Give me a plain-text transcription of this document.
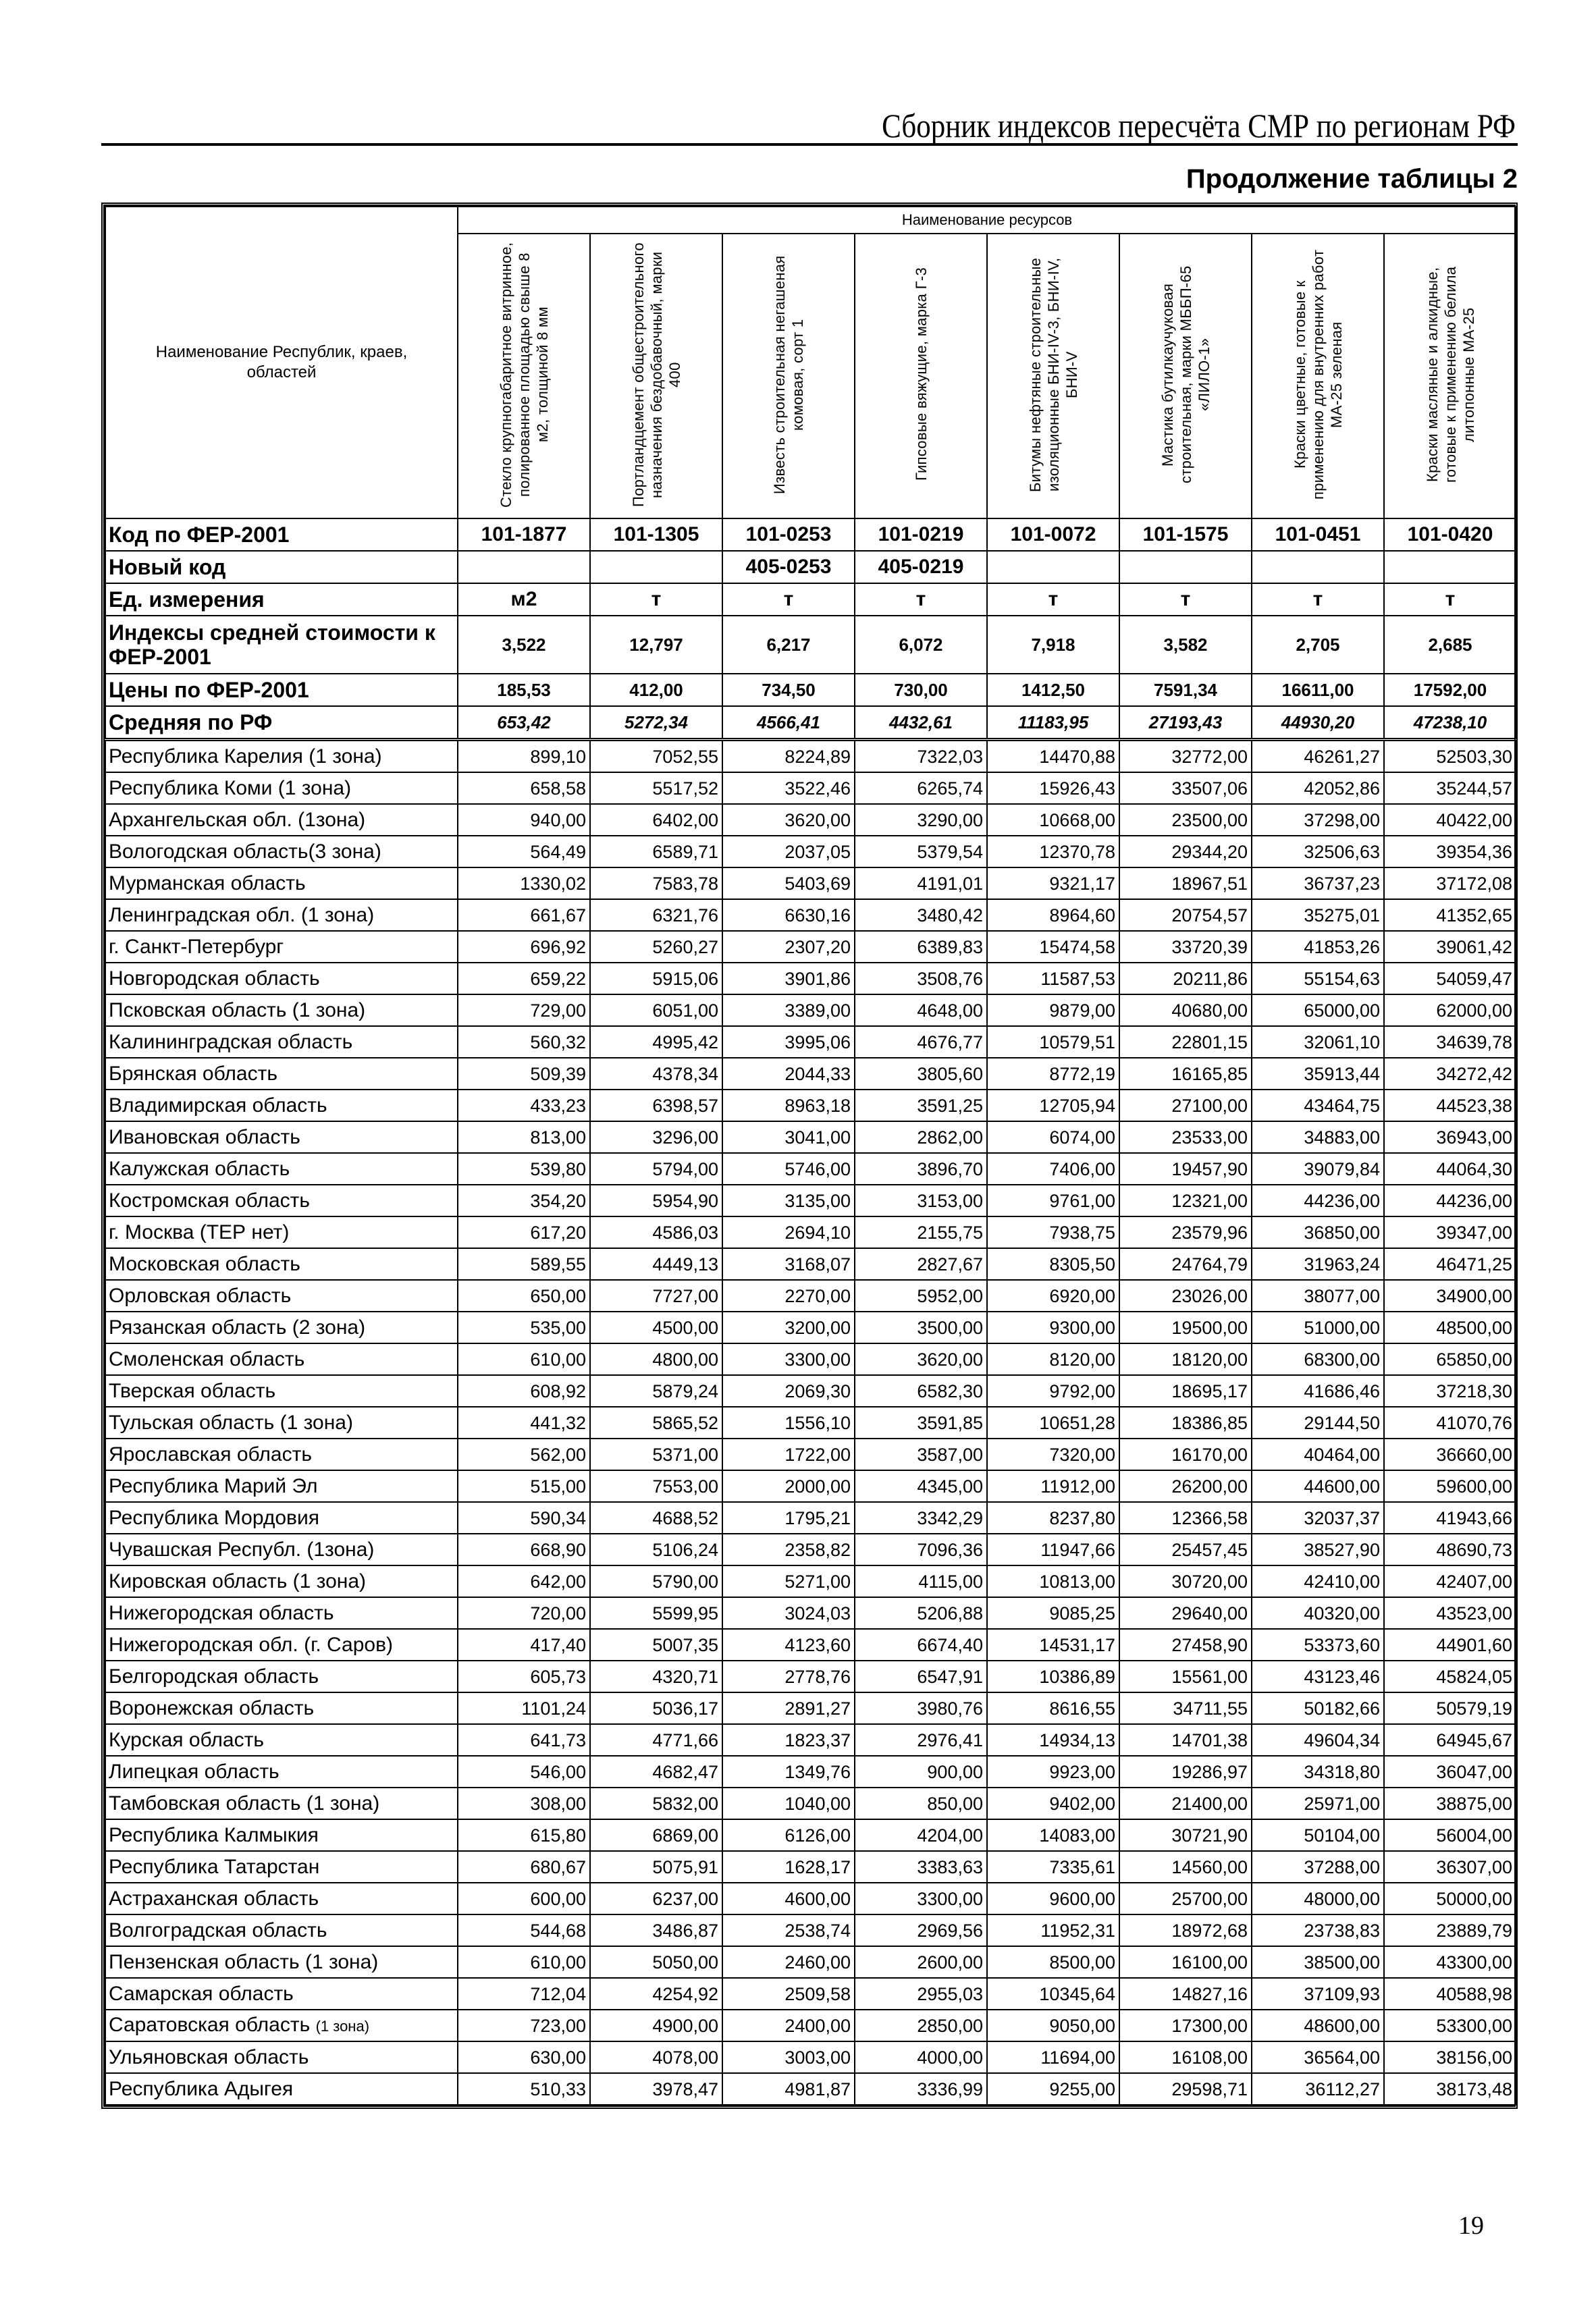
Сборник индексов пересчёта СМР по регионам РФ
Продолжение таблицы 2
Наименование Республик, краев, областей	Наименование ресурсов							
	Стекло крупногабаритное витринное, полированное площадью свыше 8 м2, толщиной 8 мм	Портландцемент общестроительного назначения бездобавочный, марки 400	Известь строительная негашеная комовая, сорт 1	Гипсовые вяжущие, марка Г-3	Битумы нефтяные строительные изоляционные БНИ-IV-3, БНИ-IV, БНИ-V	Мастика бутилкаучуковая строительная, марки МББП-65 «ЛИЛО-1»	Краски цветные, готовые к применению для внутренних работ МА-25 зеленая	Краски масляные и алкидные, готовые к применению белила литопонные МА-25
Код по ФЕР-2001	101-1877	101-1305	101-0253	101-0219	101-0072	101-1575	101-0451	101-0420
Новый код			405-0253	405-0219				
Ед. измерения	м2	т	т	т	т	т	т	т
Индексы средней стоимости к ФЕР-2001	3,522	12,797	6,217	6,072	7,918	3,582	2,705	2,685
Цены по ФЕР-2001	185,53	412,00	734,50	730,00	1412,50	7591,34	16611,00	17592,00
Средняя по РФ	653,42	5272,34	4566,41	4432,61	11183,95	27193,43	44930,20	47238,10
Республика Карелия (1 зона)	899,10	7052,55	8224,89	7322,03	14470,88	32772,00	46261,27	52503,30
Республика Коми (1 зона)	658,58	5517,52	3522,46	6265,74	15926,43	33507,06	42052,86	35244,57
Архангельская обл. (1зона)	940,00	6402,00	3620,00	3290,00	10668,00	23500,00	37298,00	40422,00
Вологодская область(3 зона)	564,49	6589,71	2037,05	5379,54	12370,78	29344,20	32506,63	39354,36
Мурманская область	1330,02	7583,78	5403,69	4191,01	9321,17	18967,51	36737,23	37172,08
Ленинградская обл. (1 зона)	661,67	6321,76	6630,16	3480,42	8964,60	20754,57	35275,01	41352,65
г. Санкт-Петербург	696,92	5260,27	2307,20	6389,83	15474,58	33720,39	41853,26	39061,42
Новгородская область	659,22	5915,06	3901,86	3508,76	11587,53	20211,86	55154,63	54059,47
Псковская область (1 зона)	729,00	6051,00	3389,00	4648,00	9879,00	40680,00	65000,00	62000,00
Калининградская область	560,32	4995,42	3995,06	4676,77	10579,51	22801,15	32061,10	34639,78
Брянская область	509,39	4378,34	2044,33	3805,60	8772,19	16165,85	35913,44	34272,42
Владимирская область	433,23	6398,57	8963,18	3591,25	12705,94	27100,00	43464,75	44523,38
Ивановская область	813,00	3296,00	3041,00	2862,00	6074,00	23533,00	34883,00	36943,00
Калужская область	539,80	5794,00	5746,00	3896,70	7406,00	19457,90	39079,84	44064,30
Костромская область	354,20	5954,90	3135,00	3153,00	9761,00	12321,00	44236,00	44236,00
г. Москва (ТЕР нет)	617,20	4586,03	2694,10	2155,75	7938,75	23579,96	36850,00	39347,00
Московская область	589,55	4449,13	3168,07	2827,67	8305,50	24764,79	31963,24	46471,25
Орловская область	650,00	7727,00	2270,00	5952,00	6920,00	23026,00	38077,00	34900,00
Рязанская область (2 зона)	535,00	4500,00	3200,00	3500,00	9300,00	19500,00	51000,00	48500,00
Смоленская область	610,00	4800,00	3300,00	3620,00	8120,00	18120,00	68300,00	65850,00
Тверская область	608,92	5879,24	2069,30	6582,30	9792,00	18695,17	41686,46	37218,30
Тульская область (1 зона)	441,32	5865,52	1556,10	3591,85	10651,28	18386,85	29144,50	41070,76
Ярославская область	562,00	5371,00	1722,00	3587,00	7320,00	16170,00	40464,00	36660,00
Республика Марий Эл	515,00	7553,00	2000,00	4345,00	11912,00	26200,00	44600,00	59600,00
Республика Мордовия	590,34	4688,52	1795,21	3342,29	8237,80	12366,58	32037,37	41943,66
Чувашская Республ. (1зона)	668,90	5106,24	2358,82	7096,36	11947,66	25457,45	38527,90	48690,73
Кировская область (1 зона)	642,00	5790,00	5271,00	4115,00	10813,00	30720,00	42410,00	42407,00
Нижегородская область	720,00	5599,95	3024,03	5206,88	9085,25	29640,00	40320,00	43523,00
Нижегородская обл. (г. Саров)	417,40	5007,35	4123,60	6674,40	14531,17	27458,90	53373,60	44901,60
Белгородская область	605,73	4320,71	2778,76	6547,91	10386,89	15561,00	43123,46	45824,05
Воронежская область	1101,24	5036,17	2891,27	3980,76	8616,55	34711,55	50182,66	50579,19
Курская область	641,73	4771,66	1823,37	2976,41	14934,13	14701,38	49604,34	64945,67
Липецкая область	546,00	4682,47	1349,76	900,00	9923,00	19286,97	34318,80	36047,00
Тамбовская область (1 зона)	308,00	5832,00	1040,00	850,00	9402,00	21400,00	25971,00	38875,00
Республика Калмыкия	615,80	6869,00	6126,00	4204,00	14083,00	30721,90	50104,00	56004,00
Республика Татарстан	680,67	5075,91	1628,17	3383,63	7335,61	14560,00	37288,00	36307,00
Астраханская область	600,00	6237,00	4600,00	3300,00	9600,00	25700,00	48000,00	50000,00
Волгоградская область	544,68	3486,87	2538,74	2969,56	11952,31	18972,68	23738,83	23889,79
Пензенская область (1 зона)	610,00	5050,00	2460,00	2600,00	8500,00	16100,00	38500,00	43300,00
Самарская область	712,04	4254,92	2509,58	2955,03	10345,64	14827,16	37109,93	40588,98
Саратовская область (1 зона)	723,00	4900,00	2400,00	2850,00	9050,00	17300,00	48600,00	53300,00
Ульяновская область	630,00	4078,00	3003,00	4000,00	11694,00	16108,00	36564,00	38156,00
Республика Адыгея	510,33	3978,47	4981,87	3336,99	9255,00	29598,71	36112,27	38173,48
19
